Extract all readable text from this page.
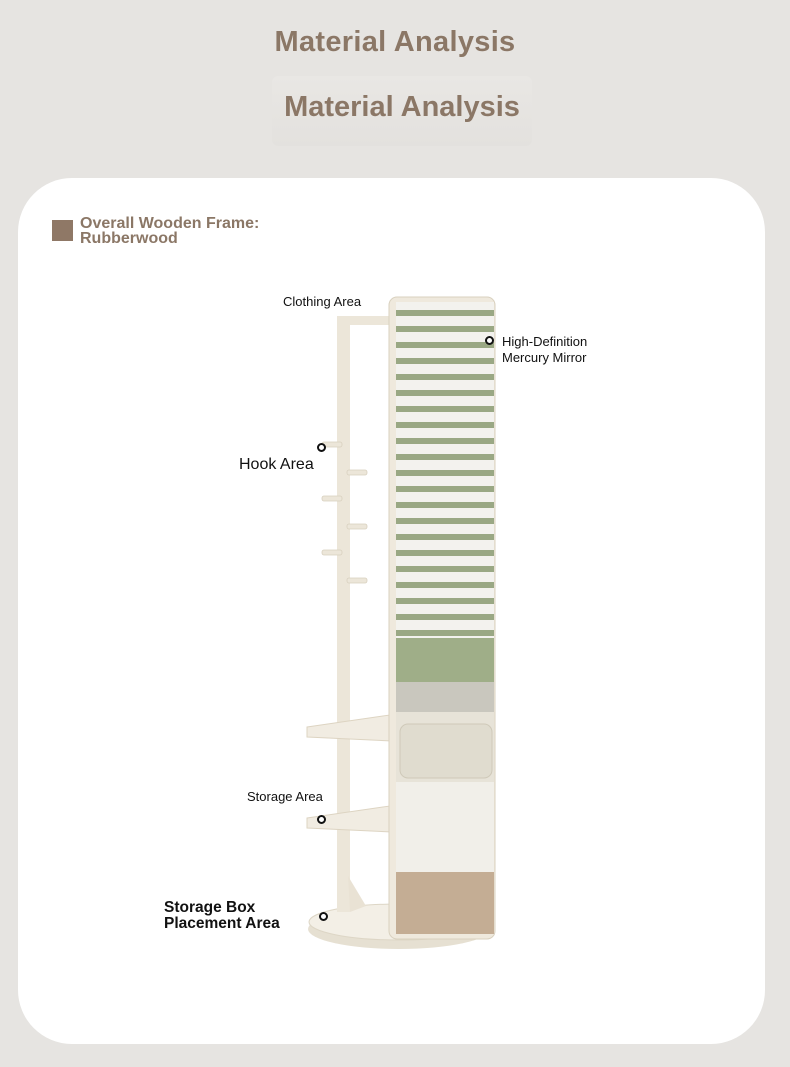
Material Analysis
Material Analysis
Overall Wooden Frame:
Rubberwood
Clothing Area
High-Definition
Mercury Mirror
Hook Area
Storage Area
Storage Box
Placement Area
